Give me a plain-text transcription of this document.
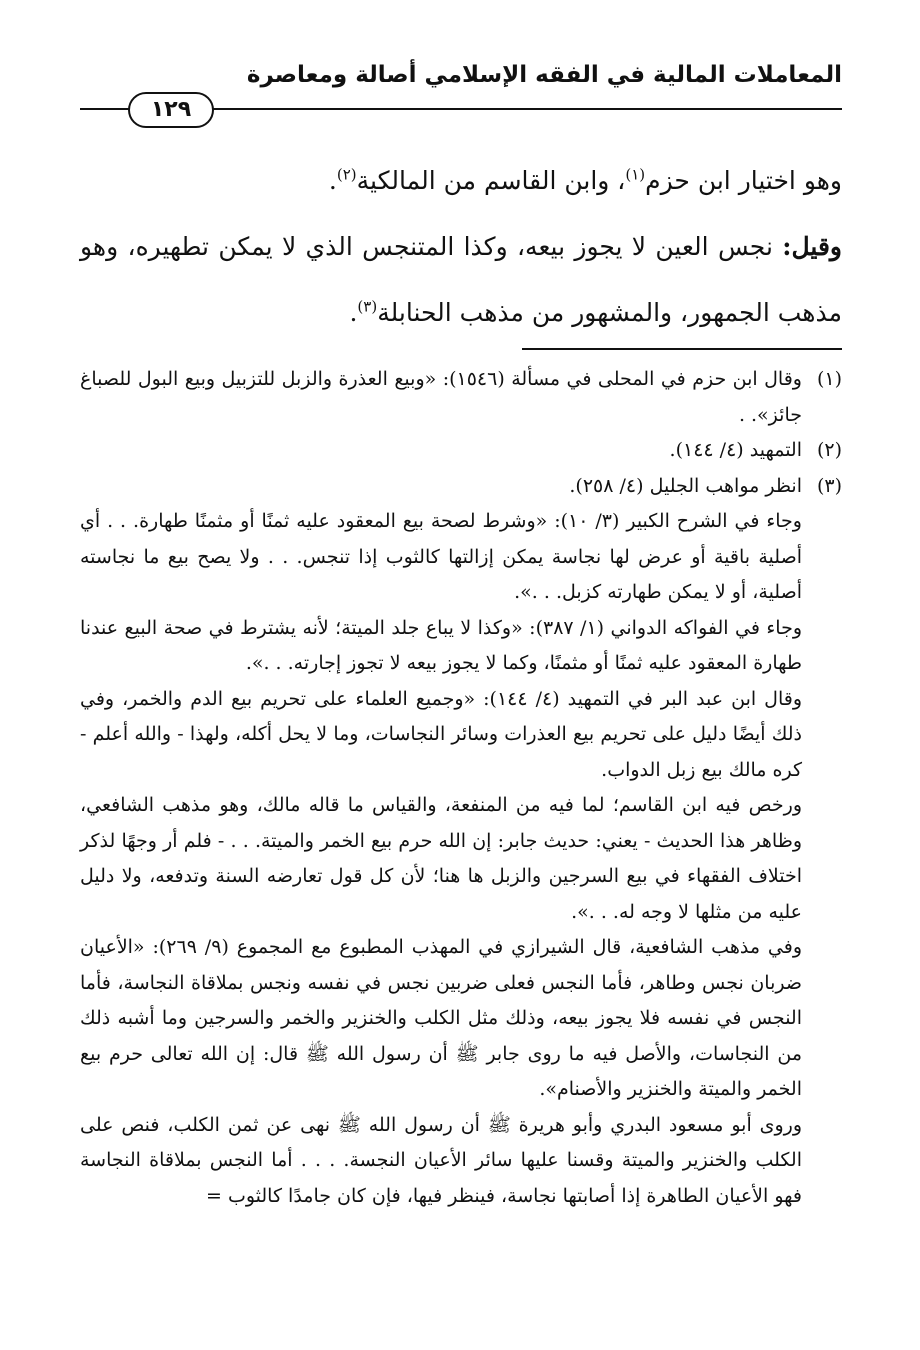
المعاملات المالية في الفقه الإسلامي أصالة ومعاصرة
١٢٩

وهو اختيار ابن حزم$^{(١)}$، وابن القاسم من المالكية$^{(٢)}$.

وقيل: نجس العين لا يجوز بيعه، وكذا المتنجس الذي لا يمكن تطهيره، وهو مذهب الجمهور، والمشهور من مذهب الحنابلة$^{(٣)}$.

(١)
وقال ابن حزم في المحلى في مسألة (١٥٤٦): «وبيع العذرة والزبل للتزبيل وبيع البول للصباغ جائز». .
(٢)
التمهيد (٤/ ١٤٤).
(٣)
انظر مواهب الجليل (٤/ ٢٥٨).

وجاء في الشرح الكبير (٣/ ١٠): «وشرط لصحة بيع المعقود عليه ثمنًا أو مثمنًا طهارة. . . أي أصلية باقية أو عرض لها نجاسة يمكن إزالتها كالثوب إذا تنجس. . . ولا يصح بيع ما نجاسته أصلية، أو لا يمكن طهارته كزبل. . .».

وجاء في الفواكه الدواني (١/ ٣٨٧): «وكذا لا يباع جلد الميتة؛ لأنه يشترط في صحة البيع عندنا طهارة المعقود عليه ثمنًا أو مثمنًا، وكما لا يجوز بيعه لا تجوز إجارته. . .».

وقال ابن عبد البر في التمهيد (٤/ ١٤٤): «وجميع العلماء على تحريم بيع الدم والخمر، وفي ذلك أيضًا دليل على تحريم بيع العذرات وسائر النجاسات، وما لا يحل أكله، ولهذا - والله أعلم - كره مالك بيع زبل الدواب.

ورخص فيه ابن القاسم؛ لما فيه من المنفعة، والقياس ما قاله مالك، وهو مذهب الشافعي، وظاهر هذا الحديث - يعني: حديث جابر: إن الله حرم بيع الخمر والميتة. . . - فلم أر وجهًا لذكر اختلاف الفقهاء في بيع السرجين والزبل ها هنا؛ لأن كل قول تعارضه السنة وتدفعه، ولا دليل عليه من مثلها لا وجه له. . .».

وفي مذهب الشافعية، قال الشيرازي في المهذب المطبوع مع المجموع (٩/ ٢٦٩): «الأعيان ضربان نجس وطاهر، فأما النجس فعلى ضربين نجس في نفسه ونجس بملاقاة النجاسة، فأما النجس في نفسه فلا يجوز بيعه، وذلك مثل الكلب والخنزير والخمر والسرجين وما أشبه ذلك من النجاسات، والأصل فيه ما روى جابر ﷺ أن رسول الله ﷺ قال: إن الله تعالى حرم بيع الخمر والميتة والخنزير والأصنام».

وروى أبو مسعود البدري وأبو هريرة ﷺ أن رسول الله ﷺ نهى عن ثمن الكلب، فنص على الكلب والخنزير والميتة وقسنا عليها سائر الأعيان النجسة. . . . أما النجس بملاقاة النجاسة فهو الأعيان الطاهرة إذا أصابتها نجاسة، فينظر فيها، فإن كان جامدًا كالثوب =
